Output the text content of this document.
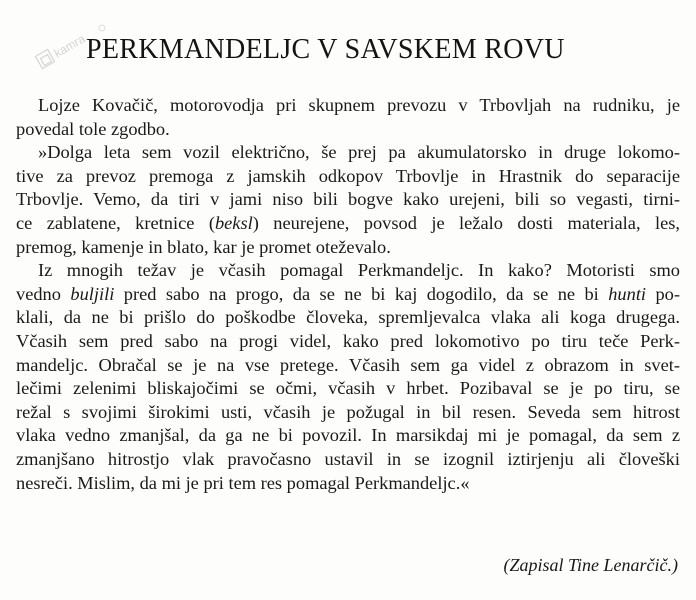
kamra
PERKMANDELJC V SAVSKEM ROVU
Lojze Kovačič, motorovodja pri skupnem prevozu v Trbovljah na rudniku, je
povedal tole zgodbo.
»Dolga leta sem vozil električno, še prej pa akumulatorsko in druge lokomo-
tive za prevoz premoga z jamskih odkopov Trbovlje in Hrastnik do separacije
Trbovlje. Vemo, da tiri v jami niso bili bogve kako urejeni, bili so vegasti, tirni-
ce zablatene, kretnice (beksl) neurejene, povsod je ležalo dosti materiala, les,
premog, kamenje in blato, kar je promet oteževalo.
Iz mnogih težav je včasih pomagal Perkmandeljc. In kako? Motoristi smo
vedno buljili pred sabo na progo, da se ne bi kaj dogodilo, da se ne bi hunti po-
klali, da ne bi prišlo do poškodbe človeka, spremljevalca vlaka ali koga drugega.
Včasih sem pred sabo na progi videl, kako pred lokomotivo po tiru teče Perk-
mandeljc. Obračal se je na vse pretege. Včasih sem ga videl z obrazom in svet-
lečimi zelenimi bliskajočimi se očmi, včasih v hrbet. Pozibaval se je po tiru, se
režal s svojimi širokimi usti, včasih je požugal in bil resen. Seveda sem hitrost
vlaka vedno zmanjšal, da ga ne bi povozil. In marsikdaj mi je pomagal, da sem z
zmanjšano hitrostjo vlak pravočasno ustavil in se izognil iztirjenju ali človeški
nesreči. Mislim, da mi je pri tem res pomagal Perkmandeljc.«
(Zapisal Tine Lenarčič.)
